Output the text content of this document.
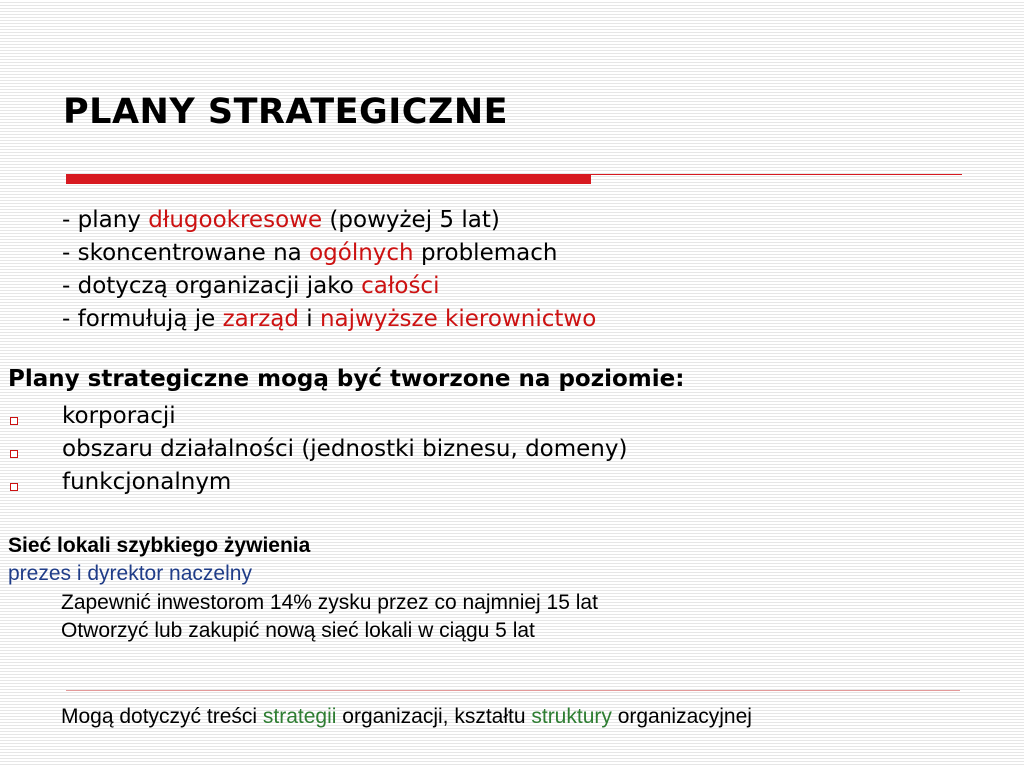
PLANY STRATEGICZNE
- plany długookresowe (powyżej 5 lat)
- skoncentrowane na ogólnych problemach
- dotyczą organizacji jako całości
- formułują je zarząd i najwyższe kierownictwo
Plany strategiczne mogą być tworzone na poziomie:
korporacji
obszaru działalności (jednostki biznesu, domeny)
funkcjonalnym
Sieć lokali szybkiego żywienia
prezes i dyrektor naczelny
Zapewnić inwestorom 14% zysku przez co najmniej 15 lat
Otworzyć lub zakupić nową sieć lokali w ciągu 5 lat
Mogą dotyczyć treści strategii organizacji, kształtu struktury organizacyjnej
